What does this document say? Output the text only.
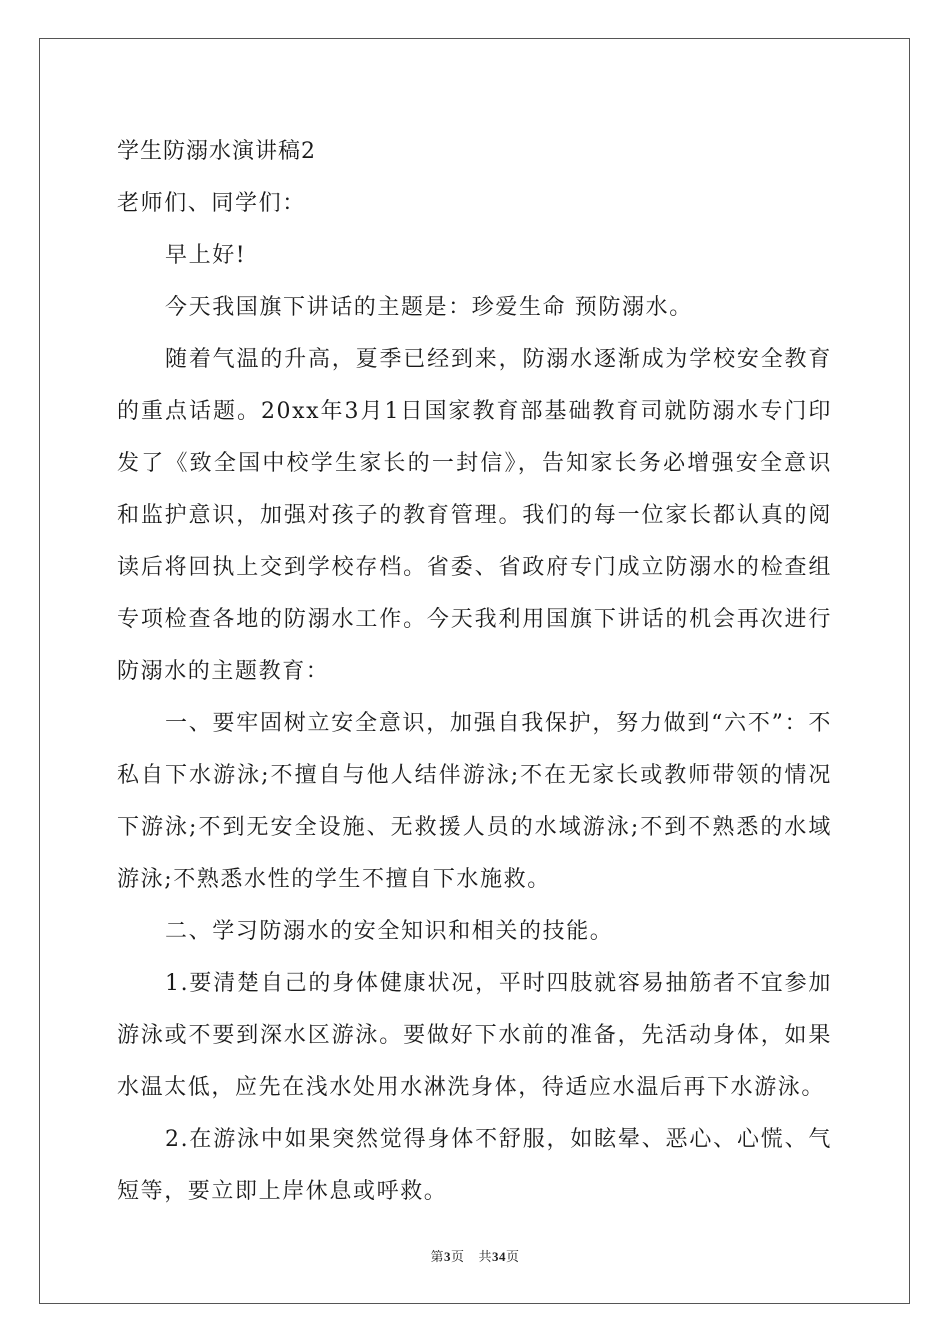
学生防溺水演讲稿2

老师们、同学们：

早上好!

今天我国旗下讲话的主题是：珍爱生命 预防溺水。

随着气温的升高，夏季已经到来，防溺水逐渐成为学校安全教育的重点话题。20xx年3月1日国家教育部基础教育司就防溺水专门印发了《致全国中校学生家长的一封信》，告知家长务必增强安全意识和监护意识，加强对孩子的教育管理。我们的每一位家长都认真的阅读后将回执上交到学校存档。省委、省政府专门成立防溺水的检查组专项检查各地的防溺水工作。今天我利用国旗下讲话的机会再次进行防溺水的主题教育：

一、要牢固树立安全意识，加强自我保护，努力做到“六不”：不私自下水游泳;不擅自与他人结伴游泳;不在无家长或教师带领的情况下游泳;不到无安全设施、无救援人员的水域游泳;不到不熟悉的水域游泳;不熟悉水性的学生不擅自下水施救。

二、学习防溺水的安全知识和相关的技能。

1.要清楚自己的身体健康状况，平时四肢就容易抽筋者不宜参加游泳或不要到深水区游泳。要做好下水前的准备，先活动身体，如果水温太低，应先在浅水处用水淋洗身体，待适应水温后再下水游泳。

2.在游泳中如果突然觉得身体不舒服，如眩晕、恶心、心慌、气短等，要立即上岸休息或呼救。

第3页 共34页
